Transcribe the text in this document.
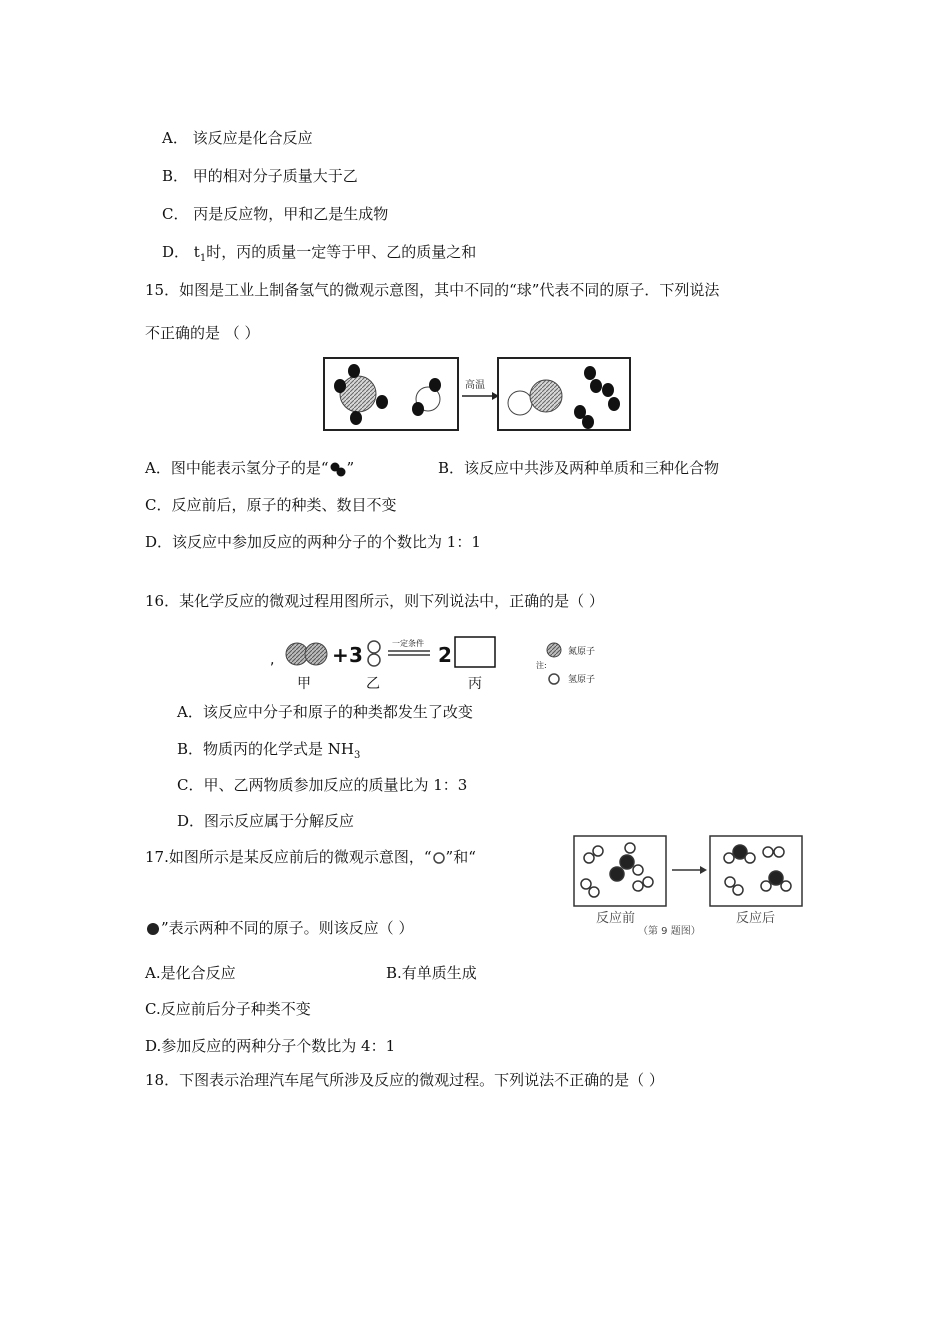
A． 该反应是化合反应
B． 甲的相对分子质量大于乙
C． 丙是反应物，甲和乙是生成物
D． $t_1$时，丙的质量一定等于甲、乙的质量之和
15．如图是工业上制备氢气的微观示意图，其中不同的“球”代表不同的原子．下列说法
不正确的是 （ ）
高温
A．图中能表示氢分子的是“ ”	B．该反应中共涉及两种单质和三种化合物
C．反应前后，原子的种类、数目不变
D．该反应中参加反应的两种分子的个数比为 1：1
16．某化学反应的微观过程用图所示，则下列说法中，正确的是（ ）
,	+ 3	一定条件 2
甲	乙	丙
氮原子
注:
氢原子
A．该反应中分子和原子的种类都发生了改变
B．物质丙的化学式是 $NH_3$
C．甲、乙两物质参加反应的质量比为 1：3
D．图示反应属于分解反应
17.如图所示是某反应前后的微观示意图，“ ”和“
反应前	反应后
（第 9 题图）
”表示两种不同的原子。则该反应（ ）
A.是化合反应	B.有单质生成
C.反应前后分子种类不变
D.参加反应的两种分子个数比为 4：1
18．下图表示治理汽车尾气所涉及反应的微观过程。下列说法不正确的是（ ）
